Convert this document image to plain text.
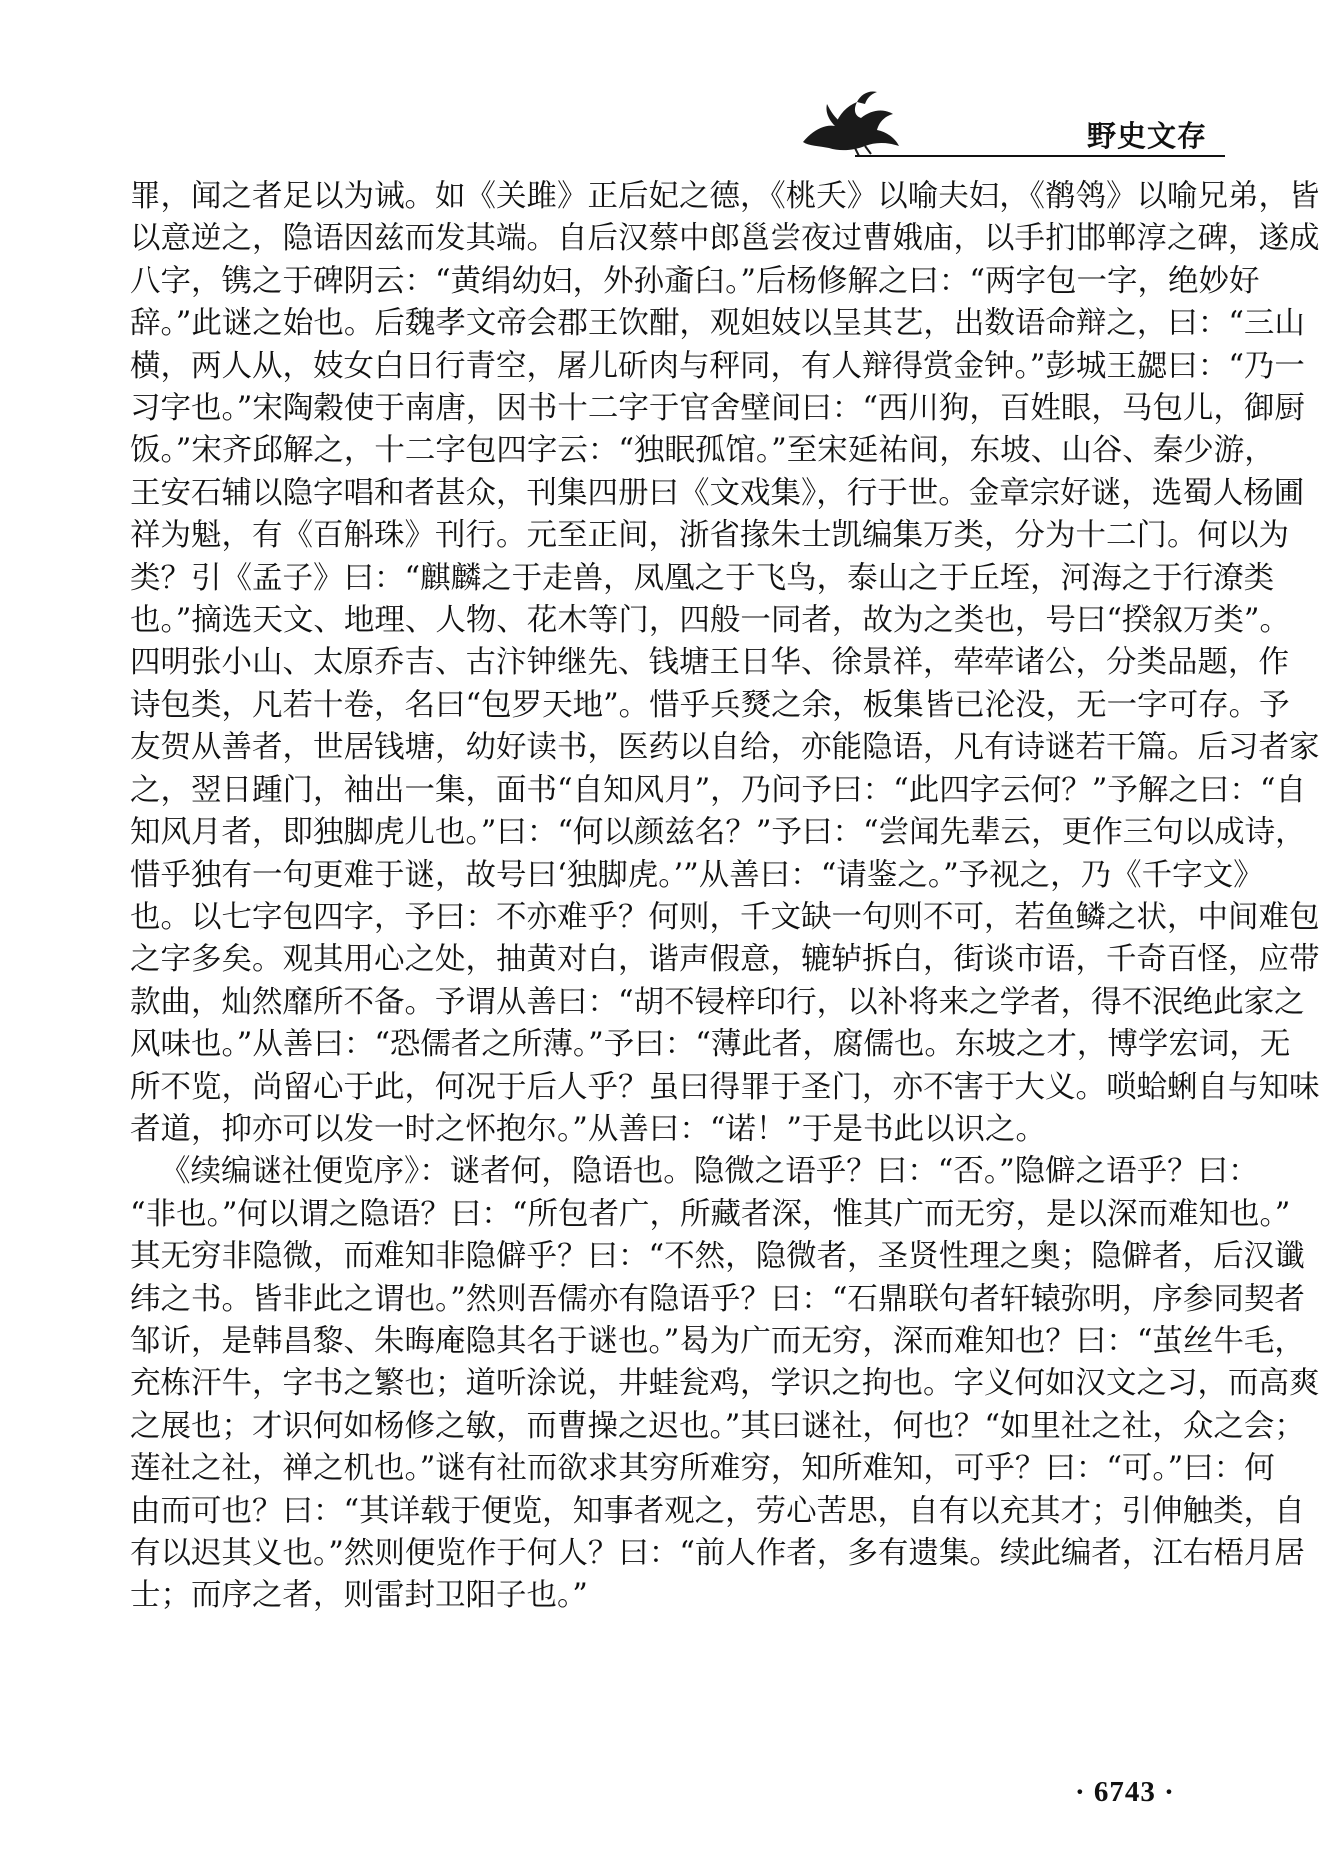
野史文存
罪，闻之者足以为诫。如《关雎》正后妃之德，《桃夭》以喻夫妇，《鹡鸰》以喻兄弟，皆
以意逆之，隐语因兹而发其端。自后汉蔡中郎邕尝夜过曹娥庙，以手扪邯郸淳之碑，遂成
八字，镌之于碑阴云：“黄绢幼妇，外孙齑臼。”后杨修解之曰：“两字包一字，绝妙好
辞。”此谜之始也。后魏孝文帝会郡王饮酣，观妲妓以呈其艺，出数语命辩之，曰：“三山
横，两人从，妓女白日行青空，屠儿斫肉与秤同，有人辩得赏金钟。”彭城王勰曰：“乃一
习字也。”宋陶穀使于南唐，因书十二字于官舍壁间曰：“西川狗，百姓眼，马包儿，御厨
饭。”宋齐邱解之，十二字包四字云：“独眠孤馆。”至宋延祐间，东坡、山谷、秦少游，
王安石辅以隐字唱和者甚众，刊集四册曰《文戏集》，行于世。金章宗好谜，选蜀人杨圃
祥为魁，有《百斛珠》刊行。元至正间，浙省掾朱士凯编集万类，分为十二门。何以为
类？引《孟子》曰：“麒麟之于走兽，凤凰之于飞鸟，泰山之于丘垤，河海之于行潦类
也。”摘选天文、地理、人物、花木等门，四般一同者，故为之类也，号曰“揆叙万类”。
四明张小山、太原乔吉、古汴钟继先、钱塘王日华、徐景祥，荦荦诸公，分类品题，作
诗包类，凡若十卷，名曰“包罗天地”。惜乎兵燹之余，板集皆已沦没，无一字可存。予
友贺从善者，世居钱塘，幼好读书，医药以自给，亦能隐语，凡有诗谜若干篇。后习者家
之，翌日踵门，袖出一集，面书“自知风月”，乃问予曰：“此四字云何？”予解之曰：“自
知风月者，即独脚虎儿也。”曰：“何以颜兹名？”予曰：“尝闻先辈云，更作三句以成诗，
惜乎独有一句更难于谜，故号曰‘独脚虎。’”从善曰：“请鉴之。”予视之，乃《千字文》
也。以七字包四字，予曰：不亦难乎？何则，千文缺一句则不可，若鱼鳞之状，中间难包
之字多矣。观其用心之处，抽黄对白，谐声假意，辘轳拆白，街谈市语，千奇百怪，应带
款曲，灿然靡所不备。予谓从善曰：“胡不锓梓印行，以补将来之学者，得不泯绝此家之
风味也。”从善曰：“恐儒者之所薄。”予曰：“薄此者，腐儒也。东坡之才，博学宏词，无
所不览，尚留心于此，何况于后人乎？虽曰得罪于圣门，亦不害于大义。唢蛤蜊自与知味
者道，抑亦可以发一时之怀抱尔。”从善曰：“诺！”于是书此以识之。
《续编谜社便览序》：谜者何，隐语也。隐微之语乎？曰：“否。”隐僻之语乎？曰：
“非也。”何以谓之隐语？曰：“所包者广，所藏者深，惟其广而无穷，是以深而难知也。”
其无穷非隐微，而难知非隐僻乎？曰：“不然，隐微者，圣贤性理之奥；隐僻者，后汉谶
纬之书。皆非此之谓也。”然则吾儒亦有隐语乎？曰：“石鼎联句者轩辕弥明，序参同契者
邹䜣，是韩昌黎、朱晦庵隐其名于谜也。”曷为广而无穷，深而难知也？曰：“茧丝牛毛，
充栋汗牛，字书之繁也；道听涂说，井蛙瓮鸡，学识之拘也。字义何如汉文之习，而高爽
之展也；才识何如杨修之敏，而曹操之迟也。”其曰谜社，何也？“如里社之社，众之会；
莲社之社，禅之机也。”谜有社而欲求其穷所难穷，知所难知，可乎？曰：“可。”曰：何
由而可也？曰：“其详载于便览，知事者观之，劳心苦思，自有以充其才；引伸触类，自
有以迟其义也。”然则便览作于何人？曰：“前人作者，多有遗集。续此编者，江右梧月居
士；而序之者，则雷封卫阳子也。”
· 6743 ·
